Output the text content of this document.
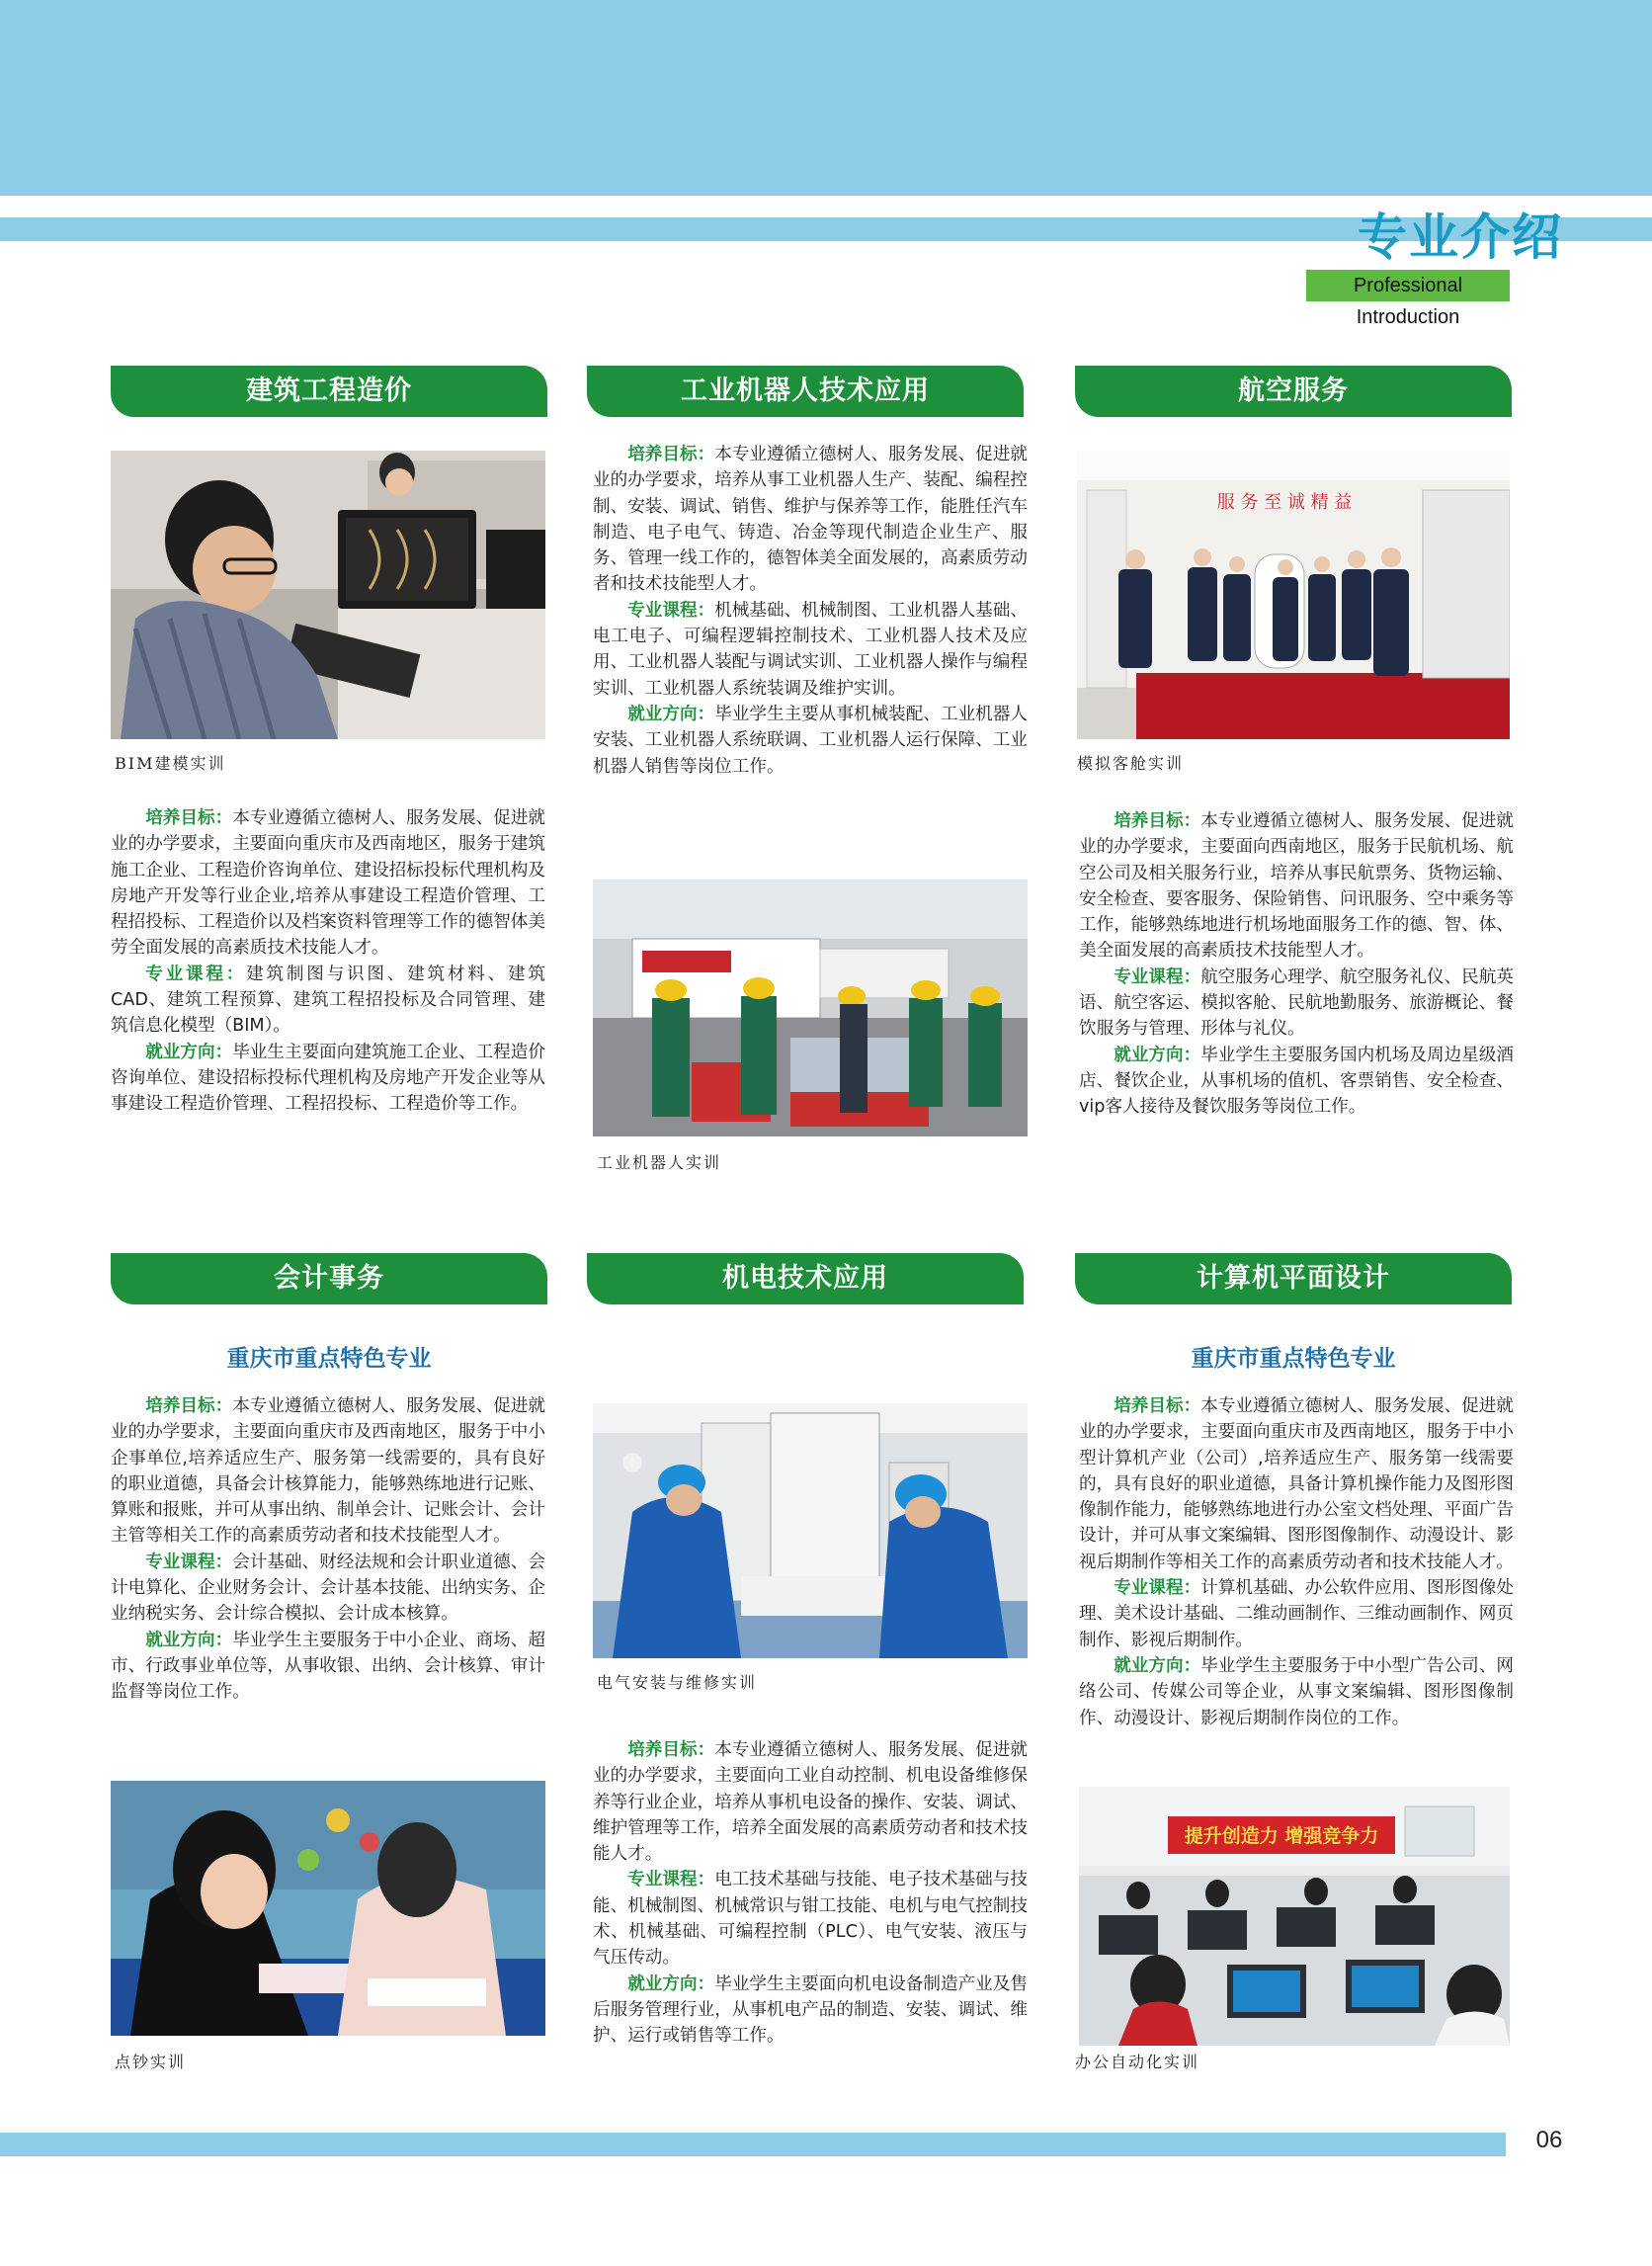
专业介绍
Professional Introduction
建筑工程造价
BIM建模实训

培养目标：本专业遵循立德树人、服务发展、促进就业的办学要求，主要面向重庆市及西南地区，服务于建筑施工企业、工程造价咨询单位、建设招标投标代理机构及房地产开发等行业企业,培养从事建设工程造价管理、工程招投标、工程造价以及档案资料管理等工作的德智体美劳全面发展的高素质技术技能人才。

专业课程：建筑制图与识图、建筑材料、建筑CAD、建筑工程预算、建筑工程招投标及合同管理、建筑信息化模型（BIM）。

就业方向：毕业生主要面向建筑施工企业、工程造价咨询单位、建设招标投标代理机构及房地产开发企业等从事建设工程造价管理、工程招投标、工程造价等工作。

工业机器人技术应用

培养目标：本专业遵循立德树人、服务发展、促进就业的办学要求，培养从事工业机器人生产、装配、编程控制、安装、调试、销售、维护与保养等工作，能胜任汽车制造、电子电气、铸造、冶金等现代制造企业生产、服务、管理一线工作的，德智体美全面发展的，高素质劳动者和技术技能型人才。

专业课程：机械基础、机械制图、工业机器人基础、电工电子、可编程逻辑控制技术、工业机器人技术及应用、工业机器人装配与调试实训、工业机器人操作与编程实训、工业机器人系统装调及维护实训。

就业方向：毕业学生主要从事机械装配、工业机器人安装、工业机器人系统联调、工业机器人运行保障、工业机器人销售等岗位工作。

工业机器人实训
航空服务
服 务 至 诚 精 益
模拟客舱实训

培养目标：本专业遵循立德树人、服务发展、促进就业的办学要求，主要面向西南地区，服务于民航机场、航空公司及相关服务行业，培养从事民航票务、货物运输、安全检查、要客服务、保险销售、问讯服务、空中乘务等工作，能够熟练地进行机场地面服务工作的德、智、体、美全面发展的高素质技术技能型人才。

专业课程：航空服务心理学、航空服务礼仪、民航英语、航空客运、模拟客舱、民航地勤服务、旅游概论、餐饮服务与管理、形体与礼仪。

就业方向：毕业学生主要服务国内机场及周边星级酒店、餐饮企业，从事机场的值机、客票销售、安全检查、vip客人接待及餐饮服务等岗位工作。

会计事务
重庆市重点特色专业

培养目标：本专业遵循立德树人、服务发展、促进就业的办学要求，主要面向重庆市及西南地区，服务于中小企事单位,培养适应生产、服务第一线需要的，具有良好的职业道德，具备会计核算能力，能够熟练地进行记账、算账和报账，并可从事出纳、制单会计、记账会计、会计主管等相关工作的高素质劳动者和技术技能型人才。

专业课程：会计基础、财经法规和会计职业道德、会计电算化、企业财务会计、会计基本技能、出纳实务、企业纳税实务、会计综合模拟、会计成本核算。

就业方向：毕业学生主要服务于中小企业、商场、超市、行政事业单位等，从事收银、出纳、会计核算、审计监督等岗位工作。

点钞实训
机电技术应用
电气安装与维修实训

培养目标：本专业遵循立德树人、服务发展、促进就业的办学要求，主要面向工业自动控制、机电设备维修保养等行业企业，培养从事机电设备的操作、安装、调试、维护管理等工作，培养全面发展的高素质劳动者和技术技能人才。

专业课程：电工技术基础与技能、电子技术基础与技能、机械制图、机械常识与钳工技能、电机与电气控制技术、机械基础、可编程控制（PLC）、电气安装、液压与气压传动。

就业方向：毕业学生主要面向机电设备制造产业及售后服务管理行业，从事机电产品的制造、安装、调试、维护、运行或销售等工作。

计算机平面设计
重庆市重点特色专业

培养目标：本专业遵循立德树人、服务发展、促进就业的办学要求，主要面向重庆市及西南地区，服务于中小型计算机产业（公司）,培养适应生产、服务第一线需要的，具有良好的职业道德，具备计算机操作能力及图形图像制作能力，能够熟练地进行办公室文档处理、平面广告设计，并可从事文案编辑、图形图像制作、动漫设计、影视后期制作等相关工作的高素质劳动者和技术技能人才。

专业课程：计算机基础、办公软件应用、图形图像处理、美术设计基础、二维动画制作、三维动画制作、网页制作、影视后期制作。

就业方向：毕业学生主要服务于中小型广告公司、网络公司、传媒公司等企业，从事文案编辑、图形图像制作、动漫设计、影视后期制作岗位的工作。

提升创造力 增强竞争力
办公自动化实训
06
